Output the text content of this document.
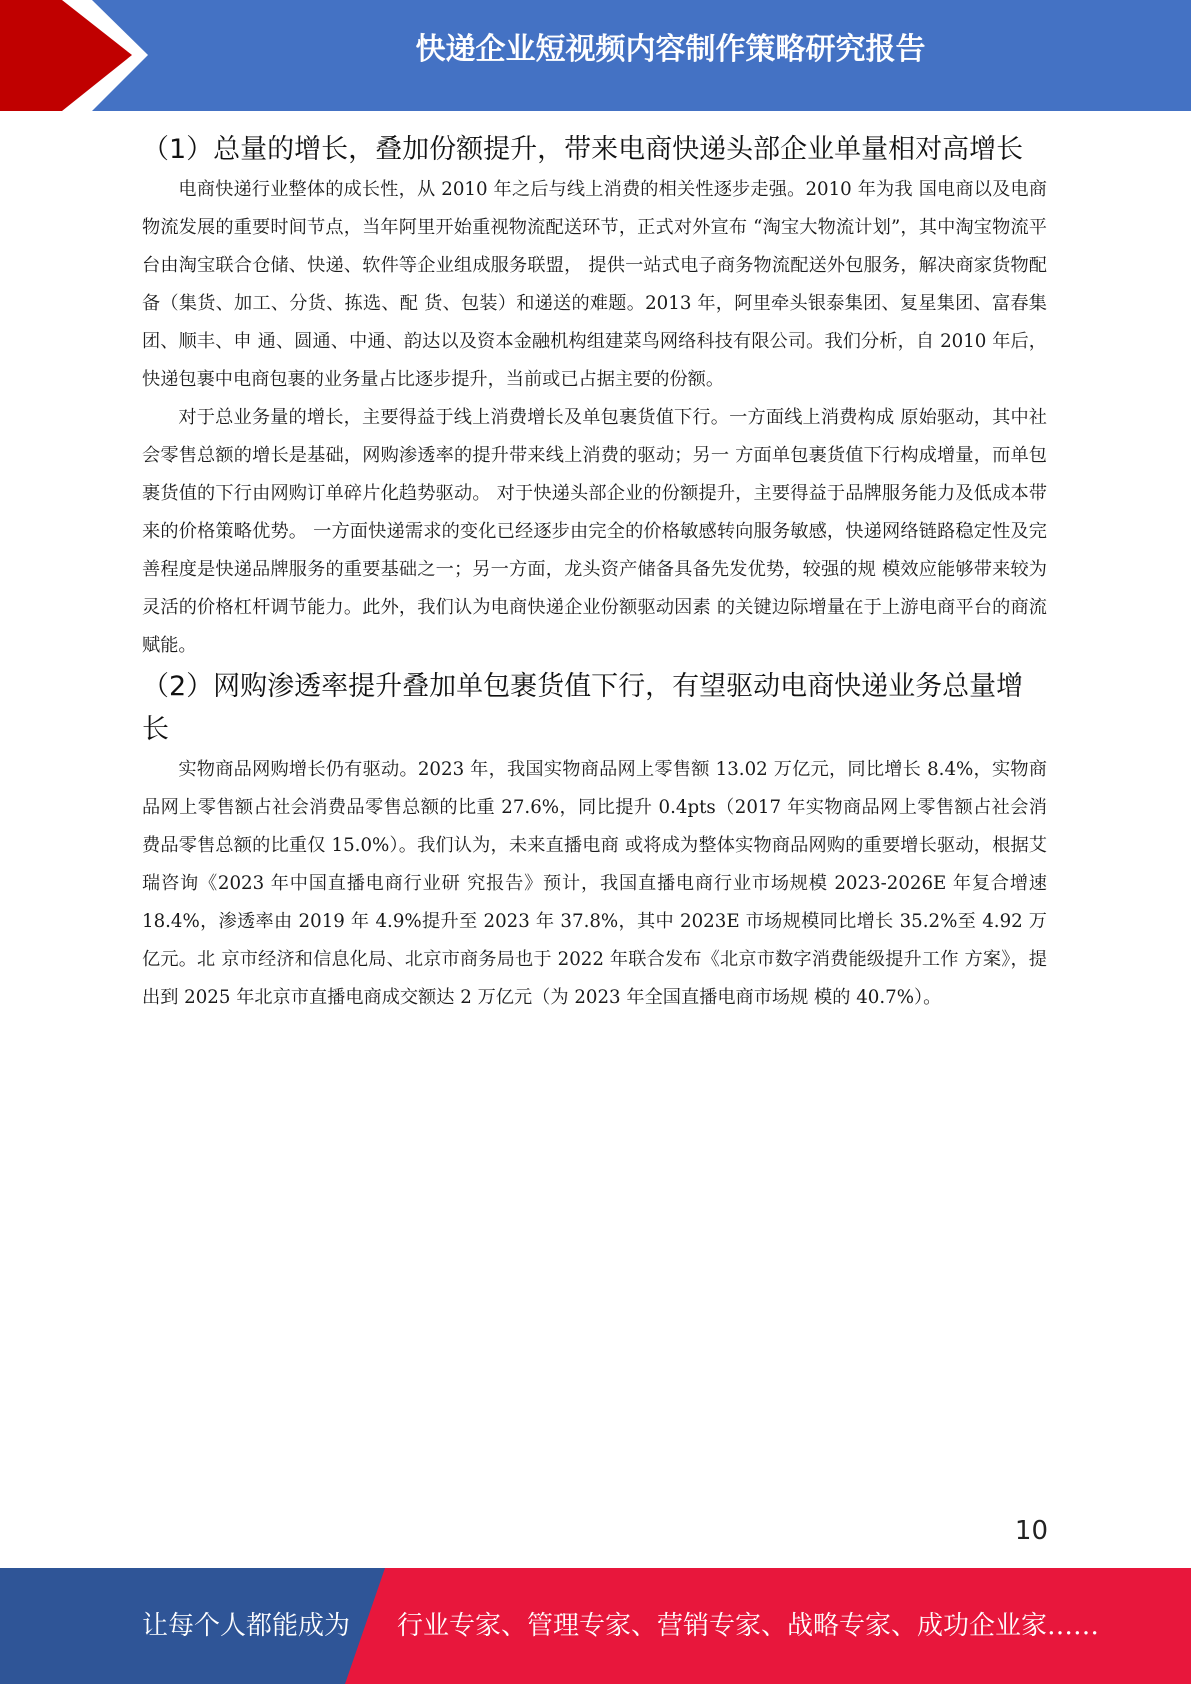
快递企业短视频内容制作策略研究报告
（1）总量的增长，叠加份额提升，带来电商快递头部企业单量相对高增长

电商快递行业整体的成长性，从 2010 年之后与线上消费的相关性逐步走强。2010 年为我 国电商以及电商物流发展的重要时间节点，当年阿里开始重视物流配送环节，正式对外宣布 “淘宝大物流计划”，其中淘宝物流平台由淘宝联合仓储、快递、软件等企业组成服务联盟， 提供一站式电子商务物流配送外包服务，解决商家货物配备（集货、加工、分货、拣选、配 货、包装）和递送的难题。2013 年，阿里牵头银泰集团、复星集团、富春集团、顺丰、申 通、圆通、中通、韵达以及资本金融机构组建菜鸟网络科技有限公司。我们分析，自 2010 年后，快递包裹中电商包裹的业务量占比逐步提升，当前或已占据主要的份额。

对于总业务量的增长，主要得益于线上消费增长及单包裹货值下行。一方面线上消费构成 原始驱动，其中社会零售总额的增长是基础，网购渗透率的提升带来线上消费的驱动；另一 方面单包裹货值下行构成增量，而单包裹货值的下行由网购订单碎片化趋势驱动。 对于快递头部企业的份额提升，主要得益于品牌服务能力及低成本带来的价格策略优势。 一方面快递需求的变化已经逐步由完全的价格敏感转向服务敏感，快递网络链路稳定性及完 善程度是快递品牌服务的重要基础之一；另一方面，龙头资产储备具备先发优势，较强的规 模效应能够带来较为灵活的价格杠杆调节能力。此外，我们认为电商快递企业份额驱动因素 的关键边际增量在于上游电商平台的商流赋能。

（2）网购渗透率提升叠加单包裹货值下行，有望驱动电商快递业务总量增长

实物商品网购增长仍有驱动。2023 年，我国实物商品网上零售额 13.02 万亿元，同比增长 8.4%，实物商品网上零售额占社会消费品零售总额的比重 27.6%，同比提升 0.4pts（2017 年实物商品网上零售额占社会消费品零售总额的比重仅 15.0%）。我们认为，未来直播电商 或将成为整体实物商品网购的重要增长驱动，根据艾瑞咨询《2023 年中国直播电商行业研 究报告》预计，我国直播电商行业市场规模 2023-2026E 年复合增速 18.4%，渗透率由 2019 年 4.9%提升至 2023 年 37.8%，其中 2023E 市场规模同比增长 35.2%至 4.92 万亿元。北 京市经济和信息化局、北京市商务局也于 2022 年联合发布《北京市数字消费能级提升工作 方案》，提出到 2025 年北京市直播电商成交额达 2 万亿元（为 2023 年全国直播电商市场规 模的 40.7%）。

10
让每个人都能成为 行业专家、管理专家、营销专家、战略专家、成功企业家……
